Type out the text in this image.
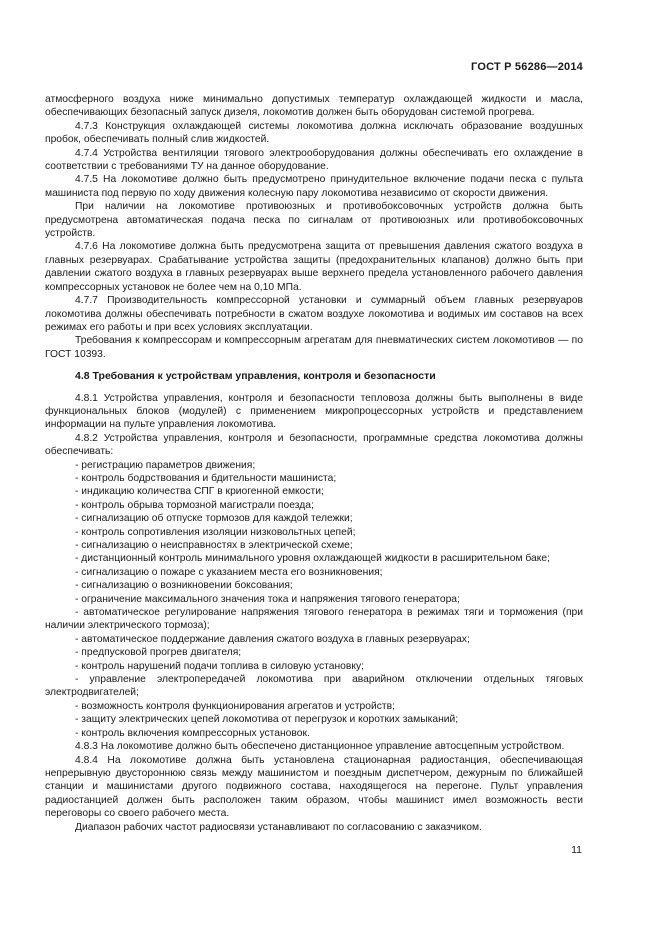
ГОСТ Р 56286—2014

атмосферного воздуха ниже минимально допустимых температур охлаждающей жидкости и масла, обеспечивающих безопасный запуск дизеля, локомотив должен быть оборудован системой прогрева.

4.7.3 Конструкция охлаждающей системы локомотива должна исключать образование воздушных пробок, обеспечивать полный слив жидкостей.

4.7.4 Устройства вентиляции тягового электрооборудования должны обеспечивать его охлаждение в соответствии с требованиями ТУ на данное оборудование.

4.7.5 На локомотиве должно быть предусмотрено принудительное включение подачи песка с пульта машиниста под первую по ходу движения колесную пару локомотива независимо от скорости движения.

При наличии на локомотиве противоюзных и противобоксовочных устройств должна быть предусмотрена автоматическая подача песка по сигналам от противоюзных или противобоксовочных устройств.

4.7.6 На локомотиве должна быть предусмотрена защита от превышения давления сжатого воздуха в главных резервуарах. Срабатывание устройства защиты (предохранительных клапанов) должно быть при давлении сжатого воздуха в главных резервуарах выше верхнего предела установленного рабочего давления компрессорных установок не более чем на 0,10 МПа.

4.7.7 Производительность компрессорной установки и суммарный объем главных резервуаров локомотива должны обеспечивать потребности в сжатом воздухе локомотива и водимых им составов на всех режимах его работы и при всех условиях эксплуатации.

Требования к компрессорам и компрессорным агрегатам для пневматических систем локомотивов — по ГОСТ 10393.

4.8 Требования к устройствам управления, контроля и безопасности

4.8.1 Устройства управления, контроля и безопасности тепловоза должны быть выполнены в виде функциональных блоков (модулей) с применением микропроцессорных устройств и представлением информации на пульте управления локомотива.

4.8.2 Устройства управления, контроля и безопасности, программные средства локомотива должны обеспечивать:

- регистрацию параметров движения;

- контроль бодрствования и бдительности машиниста;

- индикацию количества СПГ в криогенной емкости;

- контроль обрыва тормозной магистрали поезда;

- сигнализацию об отпуске тормозов для каждой тележки;

- контроль сопротивления изоляции низковольтных цепей;

- сигнализацию о неисправностях в электрической схеме;

- дистанционный контроль минимального уровня охлаждающей жидкости в расширительном баке;

- сигнализацию о пожаре с указанием места его возникновения;

- сигнализацию о возникновении боксования;

- ограничение максимального значения тока и напряжения тягового генератора;

- автоматическое регулирование напряжения тягового генератора в режимах тяги и торможения (при наличии электрического тормоза);

- автоматическое поддержание давления сжатого воздуха в главных резервуарах;

- предпусковой прогрев двигателя;

- контроль нарушений подачи топлива в силовую установку;

- управление электропередачей локомотива при аварийном отключении отдельных тяговых электродвигателей;

- возможность контроля функционирования агрегатов и устройств;

- защиту электрических цепей локомотива от перегрузок и коротких замыканий;

- контроль включения компрессорных установок.

4.8.3 На локомотиве должно быть обеспечено дистанционное управление автосцепным устройством.

4.8.4 На локомотиве должна быть установлена стационарная радиостанция, обеспечивающая непрерывную двустороннюю связь между машинистом и поездным диспетчером, дежурным по ближайшей станции и машинистами другого подвижного состава, находящегося на перегоне. Пульт управления радиостанцией должен быть расположен таким образом, чтобы машинист имел возможность вести переговоры со своего рабочего места.

Диапазон рабочих частот радиосвязи устанавливают по согласованию с заказчиком.

11
